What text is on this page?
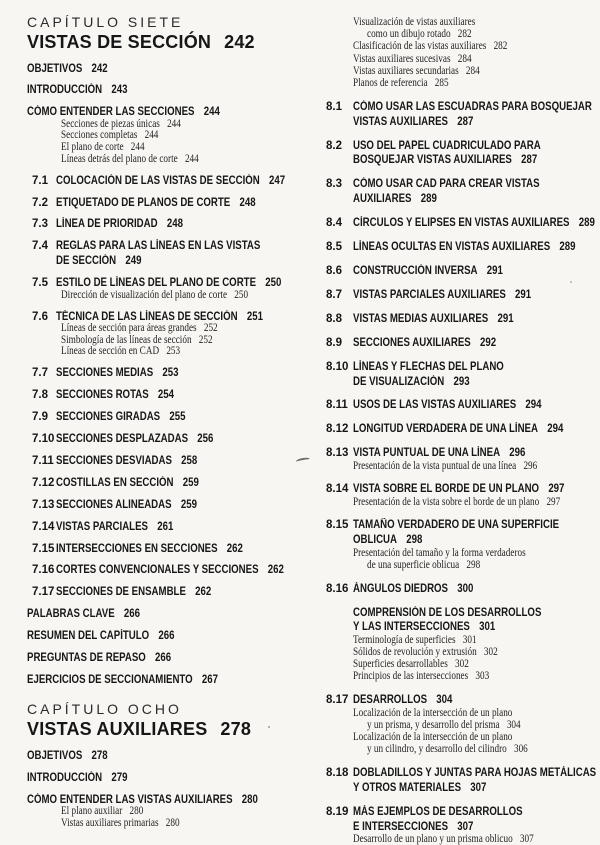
CAPÍTULO SIETE
VISTAS DE SECCIÓN 242
OBJETIVOS 242
INTRODUCCIÓN 243
CÓMO ENTENDER LAS SECCIONES 244
Secciones de piezas únicas 244
Secciones completas 244
El plano de corte 244
Líneas detrás del plano de corte 244
7.1 COLOCACIÓN DE LAS VISTAS DE SECCIÓN 247
7.2 ETIQUETADO DE PLANOS DE CORTE 248
7.3 LÍNEA DE PRIORIDAD 248
7.4 REGLAS PARA LAS LÍNEAS EN LAS VISTAS
DE SECCIÓN 249
7.5 ESTILO DE LÍNEAS DEL PLANO DE CORTE 250
Dirección de visualización del plano de corte 250
7.6 TÉCNICA DE LAS LÍNEAS DE SECCIÓN 251
Líneas de sección para áreas grandes 252
Simbología de las líneas de sección 252
Líneas de sección en CAD 253
7.7 SECCIONES MEDIAS 253
7.8 SECCIONES ROTAS 254
7.9 SECCIONES GIRADAS 255
7.10 SECCIONES DESPLAZADAS 256
7.11 SECCIONES DESVIADAS 258
7.12 COSTILLAS EN SECCIÓN 259
7.13 SECCIONES ALINEADAS 259
7.14 VISTAS PARCIALES 261
7.15 INTERSECCIONES EN SECCIONES 262
7.16 CORTES CONVENCIONALES Y SECCIONES 262
7.17 SECCIONES DE ENSAMBLE 262
PALABRAS CLAVE 266
RESUMEN DEL CAPÍTULO 266
PREGUNTAS DE REPASO 266
EJERCICIOS DE SECCIONAMIENTO 267
CAPÍTULO OCHO
VISTAS AUXILIARES 278
OBJETIVOS 278
INTRODUCCIÓN 279
CÓMO ENTENDER LAS VISTAS AUXILIARES 280
El plano auxiliar 280
Vistas auxiliares primarias 280
Visualización de vistas auxiliares
como un dibujo rotado 282
Clasificación de las vistas auxiliares 282
Vistas auxiliares sucesivas 284
Vistas auxiliares secundarias 284
Planos de referencia 285
8.1 CÓMO USAR LAS ESCUADRAS PARA BOSQUEJAR
VISTAS AUXILIARES 287
8.2 USO DEL PAPEL CUADRICULADO PARA
BOSQUEJAR VISTAS AUXILIARES 287
8.3 CÓMO USAR CAD PARA CREAR VISTAS
AUXILIARES 289
8.4 CÍRCULOS Y ELIPSES EN VISTAS AUXILIARES 289
8.5 LÍNEAS OCULTAS EN VISTAS AUXILIARES 289
8.6 CONSTRUCCIÓN INVERSA 291
8.7 VISTAS PARCIALES AUXILIARES 291
8.8 VISTAS MEDIAS AUXILIARES 291
8.9 SECCIONES AUXILIARES 292
8.10 LÍNEAS Y FLECHAS DEL PLANO
DE VISUALIZACIÓN 293
8.11 USOS DE LAS VISTAS AUXILIARES 294
8.12 LONGITUD VERDADERA DE UNA LÍNEA 294
8.13 VISTA PUNTUAL DE UNA LÍNEA 296
Presentación de la vista puntual de una línea 296
8.14 VISTA SOBRE EL BORDE DE UN PLANO 297
Presentación de la vista sobre el borde de un plano 297
8.15 TAMAÑO VERDADERO DE UNA SUPERFICIE
OBLICUA 298
Presentación del tamaño y la forma verdaderos
de una superficie oblicua 298
8.16 ÁNGULOS DIEDROS 300
COMPRENSIÓN DE LOS DESARROLLOS
Y LAS INTERSECCIONES 301
Terminología de superficies 301
Sólidos de revolución y extrusión 302
Superficies desarrollables 302
Principios de las intersecciones 303
8.17 DESARROLLOS 304
Localización de la intersección de un plano
y un prisma, y desarrollo del prisma 304
Localización de la intersección de un plano
y un cilindro, y desarrollo del cilindro 306
8.18 DOBLADILLOS Y JUNTAS PARA HOJAS METÁLICAS
Y OTROS MATERIALES 307
8.19 MÁS EJEMPLOS DE DESARROLLOS
E INTERSECCIONES 307
Desarrollo de un plano y un prisma oblicuo 307
